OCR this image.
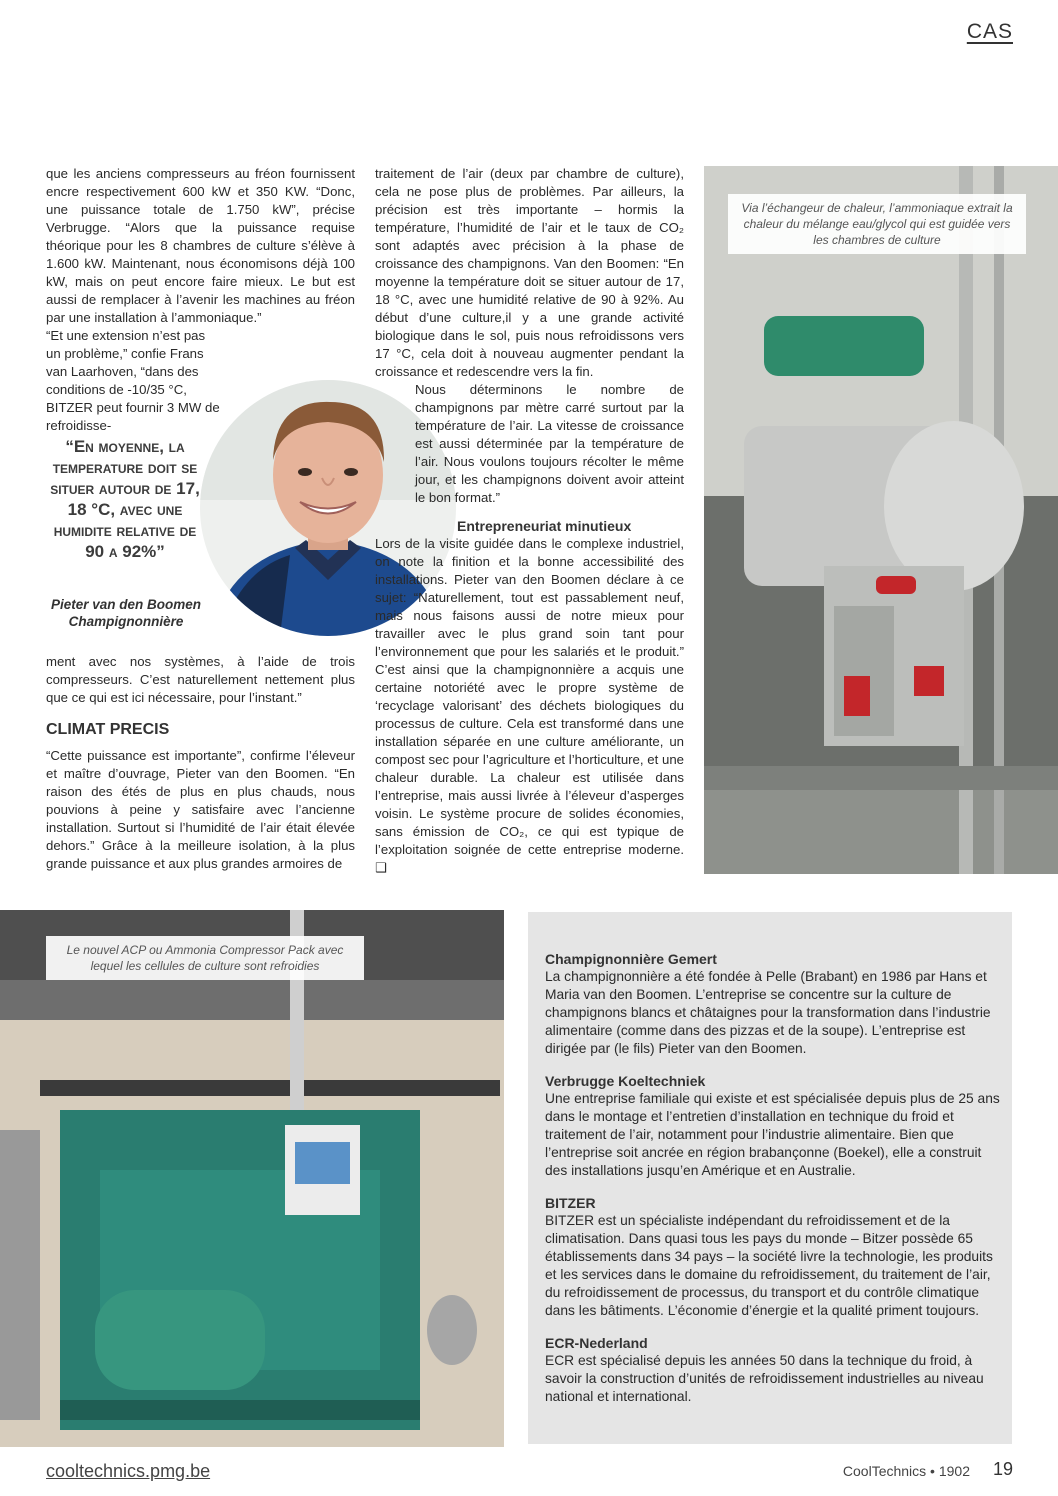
CAS

que les anciens compresseurs au fréon fournissent encre respectivement 600 kW et 350 KW. “Donc, une puissance totale de 1.750 kW”, précise Verbrugge. “Alors que la puissance requise théorique pour les 8 chambres de culture s’élève à 1.600 kW. Maintenant, nous économisons déjà 100 kW, mais on peut encore faire mieux. Le but est aussi de remplacer à l’avenir les machines au fréon par une installation à l’ammoniaque.”

“Et une extension n’est pas un problème,” confie Frans van Laarhoven, “dans des conditions de -10/35 °C, BITZER peut fournir 3 MW de refroidisse-

“En moyenne, la temperature doit se situer autour de 17, 18 °C, avec une humidite relative de 90 a 92%”
Pieter van den Boomen
Champignonnière

ment avec nos systèmes, à l’aide de trois compresseurs. C’est naturellement nettement plus que ce qui est ici nécessaire, pour l’instant.”

CLIMAT PRECIS

“Cette puissance est importante”, confirme l’éleveur et maître d’ouvrage, Pieter van den Boomen. “En raison des étés de plus en plus chauds, nous pouvions à peine y satisfaire avec l’ancienne installation. Surtout si l’humidité de l’air était élevée dehors.” Grâce à la meilleure isolation, à la plus grande puissance et aux plus grandes armoires de

traitement de l’air (deux par chambre de culture), cela ne pose plus de problèmes. Par ailleurs, la précision est très importante – hormis la température, l’humidité de l’air et le taux de CO₂ sont adaptés avec précision à la phase de croissance des champignons. Van den Boomen: “En moyenne la température doit se situer autour de 17, 18 °C, avec une humidité relative de 90 à 92%. Au début d’une culture,il y a une grande activité biologique dans le sol, puis nous refroidissons vers 17 °C, cela doit à nouveau augmenter pendant la croissance et redescendre vers la fin.

Nous déterminons le nombre de champignons par mètre carré surtout par la température de l’air. La vitesse de croissance est aussi déterminée par la température de l’air. Nous voulons toujours récolter le même jour, et les champignons doivent avoir atteint le bon format.”

Entrepreneuriat minutieux

Lors de la visite guidée dans le complexe industriel, on note la finition et la bonne accessibilité des installations. Pieter van den Boomen déclare à ce sujet: “Naturellement, tout est passablement neuf, mais nous faisons aussi de notre mieux pour travailler avec le plus grand soin tant pour l’environnement que pour les salariés et le produit.” C’est ainsi que la champignonnière a acquis une certaine notoriété avec le propre système de ‘recyclage valorisant’ des déchets biologiques du processus de culture. Cela est transformé dans une installation séparée en une culture améliorante, un compost sec pour l’agriculture et l’horticulture, et une chaleur durable. La chaleur est utilisée dans l’entreprise, mais aussi livrée à l’éleveur d’asperges voisin. Le système procure de solides économies, sans émission de CO₂, ce qui est typique de l’exploitation soignée de cette entreprise moderne. ❑

Via l’échangeur de chaleur, l’ammoniaque extrait la chaleur du mélange eau/glycol qui est guidée vers les chambres de culture
Le nouvel ACP ou Ammonia Compressor Pack avec lequel les cellules de culture sont refroidies	Champignonnière Gemert

La champignonnière a été fondée à Pelle (Brabant) en 1986 par Hans et Maria van den Boomen. L’entreprise se concentre sur la culture de champignons blancs et châtaignes pour la transformation dans l’industrie alimentaire (comme dans des pizzas et de la soupe). L’entreprise est dirigée par (le fils) Pieter van den Boomen.

Verbrugge Koeltechniek

Une entreprise familiale qui existe et est spécialisée depuis plus de 25 ans dans le montage et l’entretien d’installation en technique du froid et traitement de l’air, notamment pour l’industrie alimentaire. Bien que l’entreprise soit ancrée en région brabançonne (Boekel), elle a construit des installations jusqu’en Amérique et en Australie.

BITZER

BITZER est un spécialiste indépendant du refroidissement et de la climatisation. Dans quasi tous les pays du monde – Bitzer possède 65 établissements dans 34 pays – la société livre la technologie, les produits et les services dans le domaine du refroidissement, du traitement de l’air, du refroidissement de processus, du transport et du contrôle climatique dans les bâtiments. L’économie d’énergie et la qualité priment toujours.

ECR-Nederland

ECR est spécialisé depuis les années 50 dans la technique du froid, à savoir la construction d’unités de refroidissement industrielles au niveau national et international.

cooltechnics.pmg.be	CoolTechnics • 1902 19
